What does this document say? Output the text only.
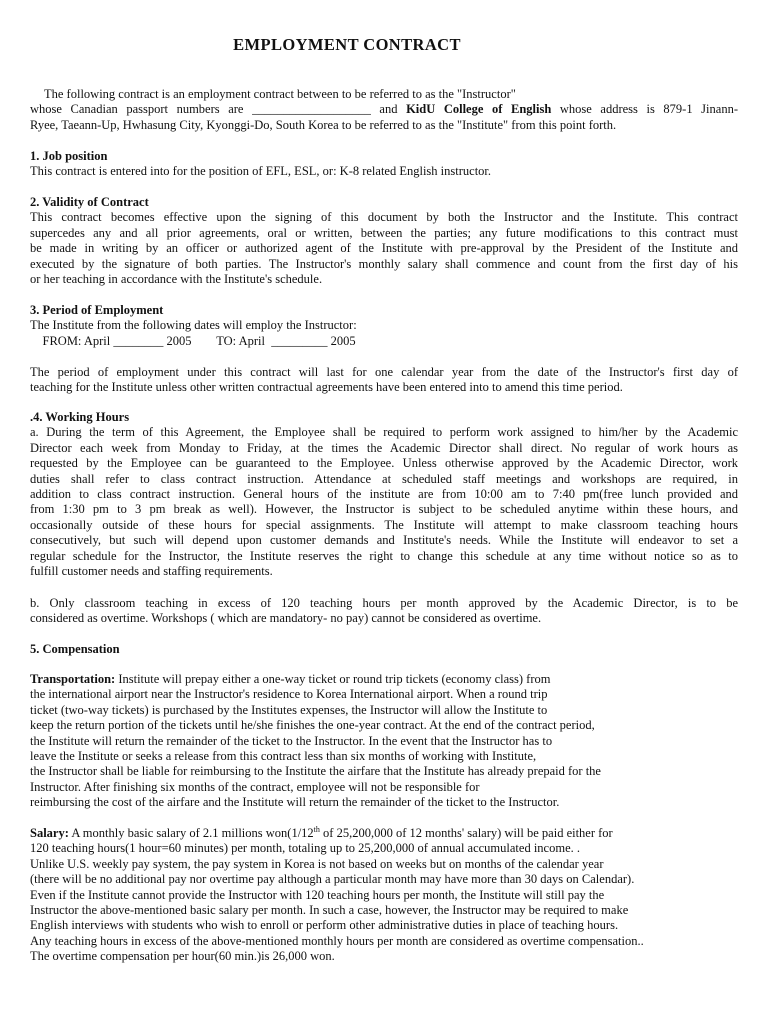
EMPLOYMENT CONTRACT
The following contract is an employment contract between to be referred to as the "Instructor"
whose Canadian passport numbers are ___________________ and KidU College of English whose address is 879-1 Jinann-
Ryee, Taeann-Up, Hwhasung City, Kyonggi-Do, South Korea to be referred to as the "Institute" from this point forth.
1. Job position
This contract is entered into for the position of EFL, ESL, or: K-8 related English instructor.
2. Validity of Contract
This contract becomes effective upon the signing of this document by both the Instructor and the Institute. This contract
supercedes any and all prior agreements, oral or written, between the parties; any future modifications to this contract must
be made in writing by an officer or authorized agent of the Institute with pre-approval by the President of the Institute and
executed by the signature of both parties. The Instructor's monthly salary shall commence and count from the first day of his
or her teaching in accordance with the Institute's schedule.
3. Period of Employment
The Institute from the following dates will employ the Instructor:
FROM: April ________ 2005        TO: April  _________ 2005
The period of employment under this contract will last for one calendar year from the date of the Instructor's first day of
teaching for the Institute unless other written contractual agreements have been entered into to amend this time period.
.4. Working Hours
a. During the term of this Agreement, the Employee shall be required to perform work assigned to him/her by the Academic
Director each week from Monday to Friday, at the times the Academic Director shall direct. No regular of work hours as
requested by the Employee can be guaranteed to the Employee. Unless otherwise approved by the Academic Director, work
duties shall refer to class contract instruction. Attendance at scheduled staff meetings and workshops are required, in
addition to class contract instruction. General hours of the institute are from 10:00 am to 7:40 pm(free lunch provided and
from 1:30 pm to 3 pm break as well). However, the Instructor is subject to be scheduled anytime within these hours, and
occasionally outside of these hours for special assignments. The Institute will attempt to make classroom teaching hours
consecutively, but such will depend upon customer demands and Institute's needs. While the Institute will endeavor to set a
regular schedule for the Instructor, the Institute reserves the right to change this schedule at any time without notice so as to
fulfill customer needs and staffing requirements.
b. Only classroom teaching in excess of 120 teaching hours per month approved by the Academic Director, is to be
considered as overtime. Workshops ( which are mandatory- no pay) cannot be considered as overtime.
5. Compensation
Transportation: Institute will prepay either a one-way ticket or round trip tickets (economy class) from
the international airport near the Instructor's residence to Korea International airport. When a round trip
ticket (two-way tickets) is purchased by the Institutes expenses, the Instructor will allow the Institute to
keep the return portion of the tickets until he/she finishes the one-year contract. At the end of the contract period,
the Institute will return the remainder of the ticket to the Instructor. In the event that the Instructor has to
leave the Institute or seeks a release from this contract less than six months of working with Institute,
the Instructor shall be liable for reimbursing to the Institute the airfare that the Institute has already prepaid for the
Instructor. After finishing six months of the contract, employee will not be responsible for
reimbursing the cost of the airfare and the Institute will return the remainder of the ticket to the Instructor.
Salary: A monthly basic salary of 2.1 millions won(1/12th of 25,200,000 of 12 months' salary) will be paid either for
120 teaching hours(1 hour=60 minutes) per month, totaling up to 25,200,000 of annual accumulated income. .
Unlike U.S. weekly pay system, the pay system in Korea is not based on weeks but on months of the calendar year
(there will be no additional pay nor overtime pay although a particular month may have more than 30 days on Calendar).
Even if the Institute cannot provide the Instructor with 120 teaching hours per month, the Institute will still pay the
Instructor the above-mentioned basic salary per month. In such a case, however, the Instructor may be required to make
English interviews with students who wish to enroll or perform other administrative duties in place of teaching hours.
Any teaching hours in excess of the above-mentioned monthly hours per month are considered as overtime compensation..
The overtime compensation per hour(60 min.)is 26,000 won.
